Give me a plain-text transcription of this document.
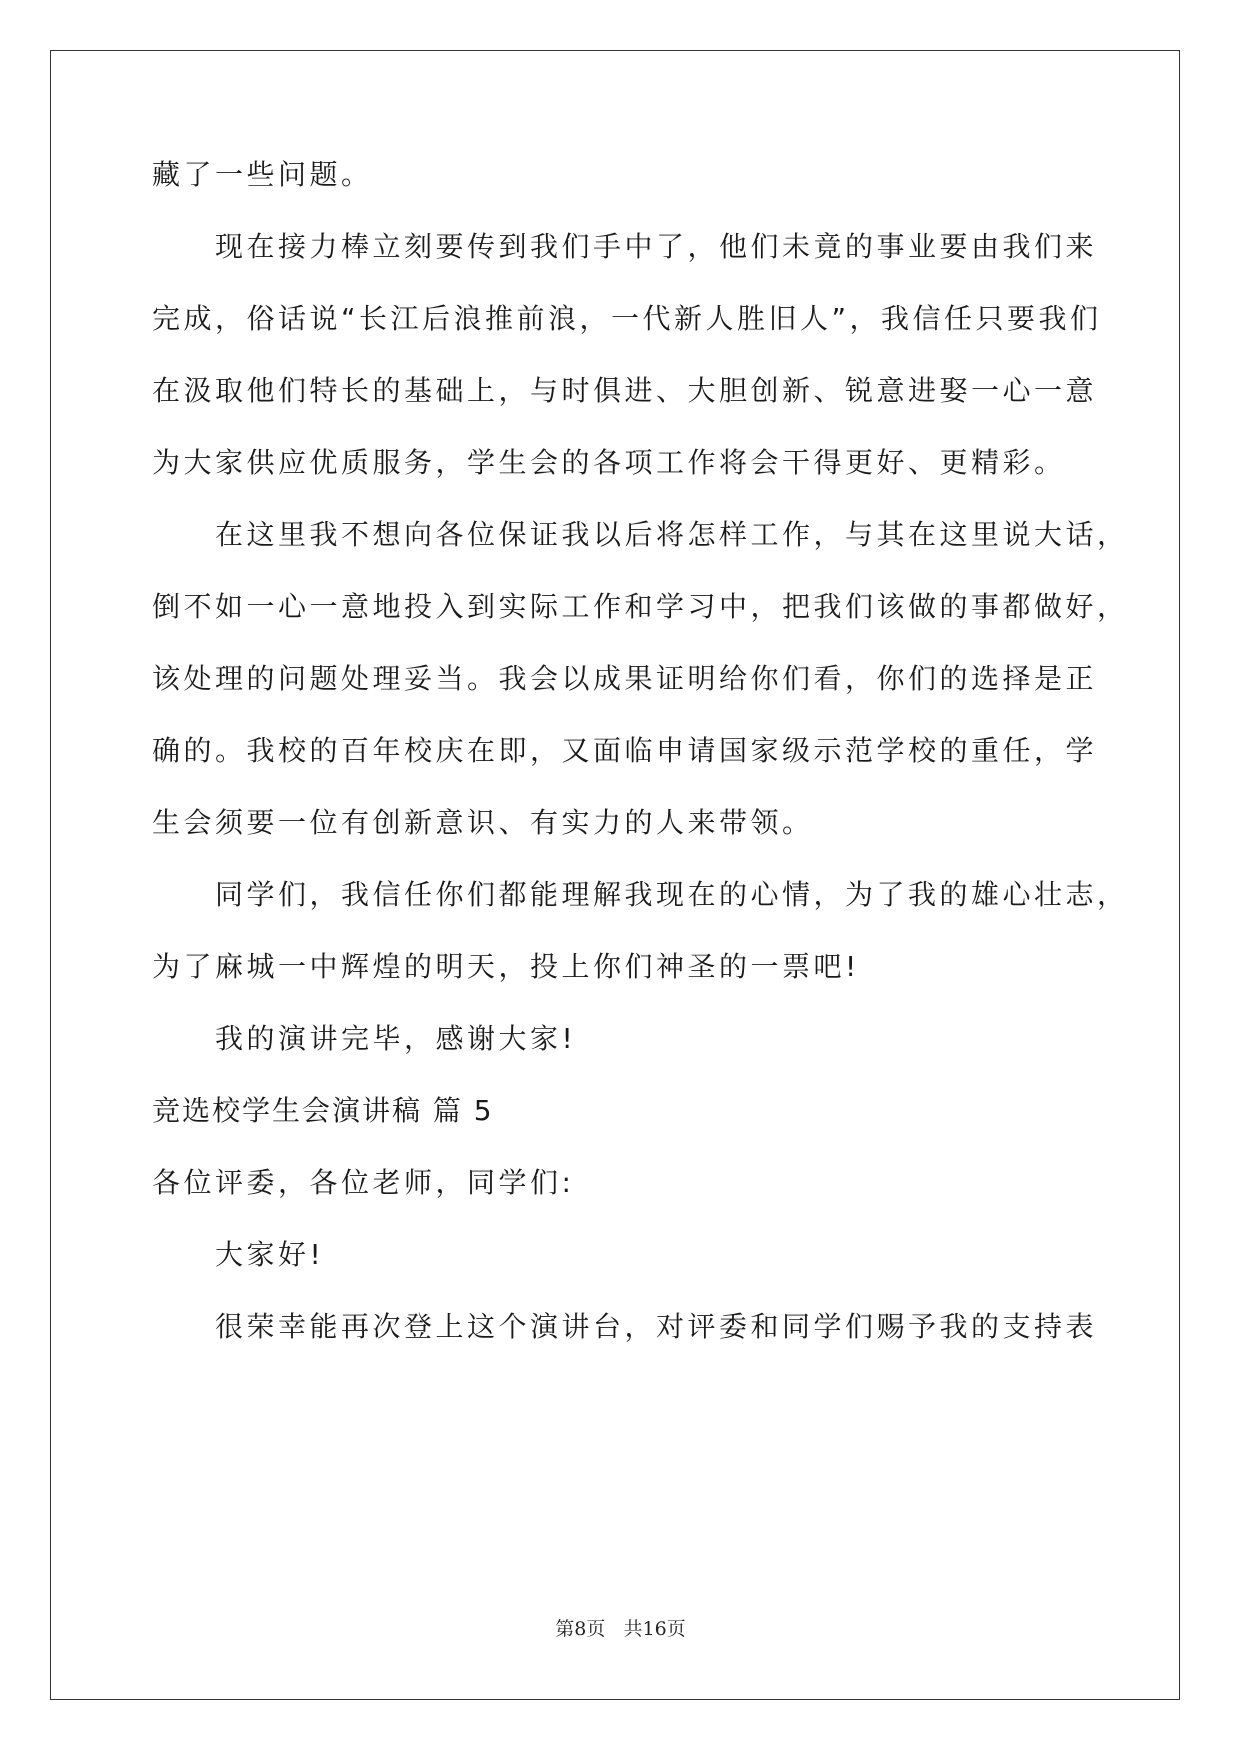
藏了一些问题。

　　现在接力棒立刻要传到我们手中了，他们未竟的事业要由我们来

完成，俗话说“长江后浪推前浪，一代新人胜旧人”，我信任只要我们

在汲取他们特长的基础上，与时俱进、大胆创新、锐意进娶一心一意

为大家供应优质服务，学生会的各项工作将会干得更好、更精彩。

　　在这里我不想向各位保证我以后将怎样工作，与其在这里说大话，

倒不如一心一意地投入到实际工作和学习中，把我们该做的事都做好，

该处理的问题处理妥当。我会以成果证明给你们看，你们的选择是正

确的。我校的百年校庆在即，又面临申请国家级示范学校的重任，学

生会须要一位有创新意识、有实力的人来带领。

　　同学们，我信任你们都能理解我现在的心情，为了我的雄心壮志，

为了麻城一中辉煌的明天，投上你们神圣的一票吧!

　　我的演讲完毕，感谢大家!

竞选校学生会演讲稿 篇 5

各位评委，各位老师，同学们:

　　大家好!

　　很荣幸能再次登上这个演讲台，对评委和同学们赐予我的支持表

第8页 共16页
